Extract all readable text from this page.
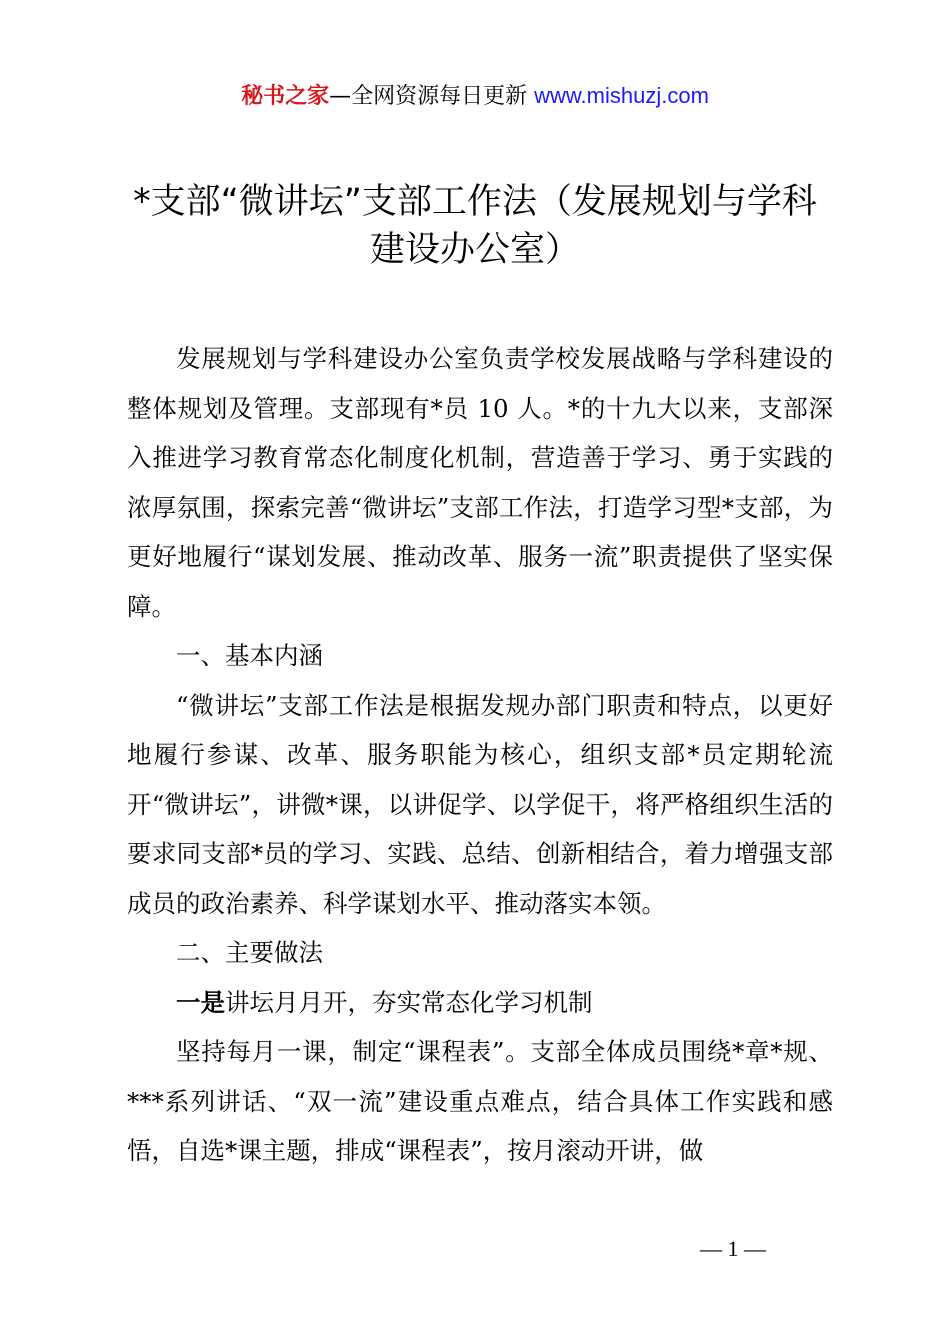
秘书之家—全网资源每日更新 www.mishuzj.com
*支部“微讲坛”支部工作法（发展规划与学科建设办公室）

发展规划与学科建设办公室负责学校发展战略与学科建设的整体规划及管理。支部现有*员 10 人。*的十九大以来，支部深入推进学习教育常态化制度化机制，营造善于学习、勇于实践的浓厚氛围，探索完善“微讲坛”支部工作法，打造学习型*支部，为更好地履行“谋划发展、推动改革、服务一流”职责提供了坚实保障。

一、基本内涵

“微讲坛”支部工作法是根据发规办部门职责和特点，以更好地履行参谋、改革、服务职能为核心，组织支部*员定期轮流开“微讲坛”，讲微*课，以讲促学、以学促干，将严格组织生活的要求同支部*员的学习、实践、总结、创新相结合，着力增强支部成员的政治素养、科学谋划水平、推动落实本领。

二、主要做法

一是讲坛月月开，夯实常态化学习机制

坚持每月一课，制定“课程表”。支部全体成员围绕*章*规、***系列讲话、“双一流”建设重点难点，结合具体工作实践和感悟，自选*课主题，排成“课程表”，按月滚动开讲，做

— 1 —
